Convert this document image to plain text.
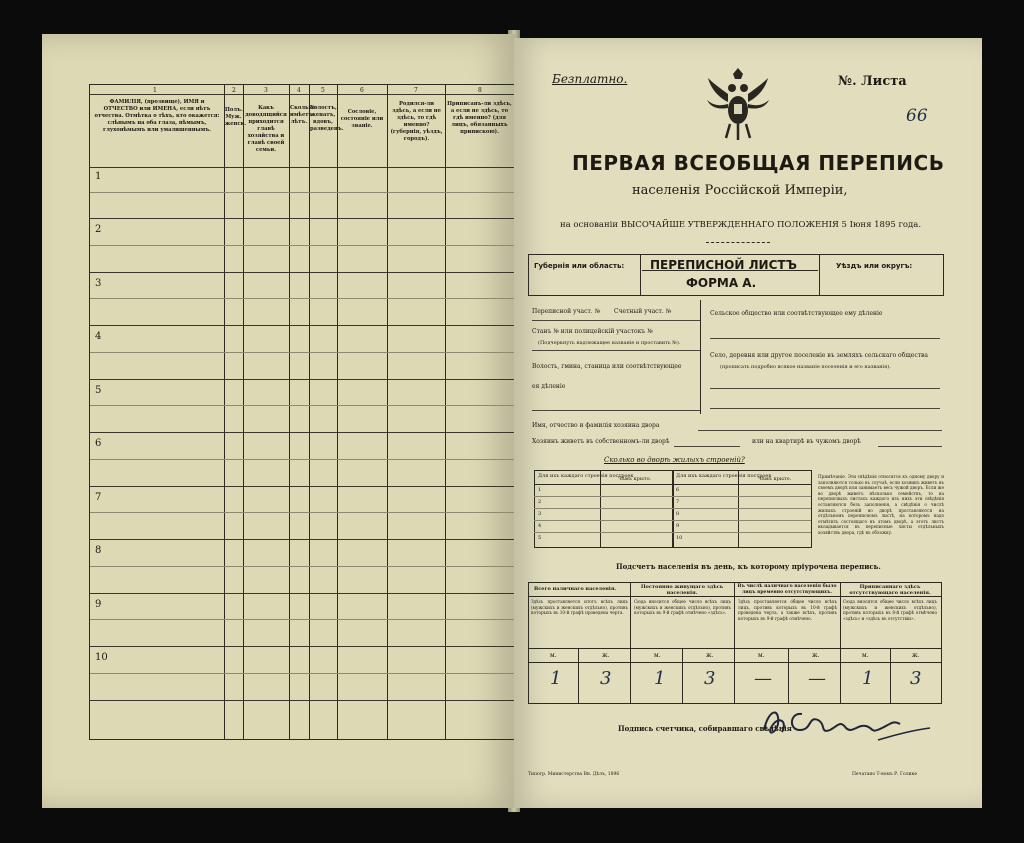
1	2	3	4	5	6	7	8
ФАМИЛІЯ, (прозвище), ИМЯ и ОТЧЕСТВО или ИМЕНА, если нѣтъ отчества. Отмѣтка о тѣхъ, кто окажется: слѣпымъ на оба глаза, нѣмымъ, глухонѣмымъ или умалишеннымъ.
Полъ. Муж. женск.
Какъ доводящийся приходится главѣ хозяйства и главѣ своей семьи.
Сколько имѣетъ лѣтъ.
Холостъ, женатъ, вдовъ, разведенъ.
Сословіе, состояніе или званіе.
Родился-ли здѣсь, а если не здѣсь, то гдѣ именно? (губернія, уѣздъ, городъ).
Приписанъ-ли здѣсь, а если не здѣсь, то гдѣ именно? (для лицъ, обязанныхъ припискою).
1
2
3
4
5
6
7
8
9
10
Безплатно.	№. Листа
66
ПЕРВАЯ ВСЕОБЩАЯ ПЕРЕПИСЬ
населенія Россійской Имперіи,
на основаніи ВЫСОЧАЙШЕ УТВЕРЖДЕННАГО ПОЛОЖЕНІЯ 5 Іюня 1895 года.
Губернія или область: ПЕРЕПИСНОЙ ЛИСТЪ
ФОРМА А.
Уѣздъ или округъ:
Переписной участ. № Счетный участ. №
Станъ № или полицейскій участокъ №
(Подчеркнуть надлежащее названіе и проставить №).
Волость, гмина, станица или соотвѣтствующее
ея дѣленіе
Сельское общество или соотвѣтствующее ему дѣленіе
Село, деревня или другое поселеніе въ земляхъ сельскаго общества
(прописать подробно всякое названіе поселенія и его названія).
Имя, отчество и фамилія хозяина двора
Хозяинъ живетъ въ собственномъ-ли дворѣ	или на квартирѣ въ чужомъ дворѣ
Сколько во дворѣ жилыхъ строеній?
Для ихъ каждаго строенія построек
Чѣмъ крыто.	Для ихъ каждаго строенія построек
Чѣмъ крыто.
1
2
3
4
5
6
7
8
9
10
Примѣчаніе. Эти свѣдѣнія относятся къ одному двору и заполняются только въ случаѣ, если хозяинъ живетъ въ своемъ дворѣ или занимаетъ весь чужой дворъ. Если же во дворѣ живетъ нѣсколько семействъ, то на переписныхъ листахъ каждого изъ нихъ эти свѣдѣнія оставляются безъ заполненія, а свѣдѣнія о числѣ жилыхъ строеній во дворѣ проставляются на отдѣльномъ переписномъ листѣ, на которомъ надо отмѣтить состоящаго въ этомъ дворѣ, а этотъ листъ вкладывается въ переписные листы отдѣльныхъ хозяйствъ двора, гдѣ въ обложку.
Подсчетъ населенія въ день, къ которому пріурочена перепись.
Всего наличнаго населенія.	Постоянно живущаго здѣсь населенія.
Въ числѣ наличнаго населенія было лицъ временно отсутствующихъ.
Приписаннаго здѣсь отсутствующаго населенія.
Здѣсь проставляется итогъ всѣхъ лицъ (мужскихъ и женскихъ отдѣльно), противъ которыхъ въ 10-й графѣ проведена черта.
Сюда вносится общее число всѣхъ лицъ (мужскихъ и женскихъ отдѣльно), противъ которыхъ въ 9-й графѣ отмѣчено «здѣсь».
Здѣсь проставляется общее число всѣхъ лицъ, противъ которыхъ въ 10-й графѣ проведена черта, а также всѣхъ, противъ которыхъ въ 9-й графѣ отмѣчено.
Сюда вносится общее число всѣхъ лицъ (мужскихъ и женскихъ отдѣльно), противъ которыхъ въ 8-й графѣ отмѣчено «здѣсь» и «здѣсь въ отсутствіи».
м.	ж.	м.	ж.	м.	ж.	м.	ж.
1 3 1 3 — — 1 3
Подпись счетчика, собиравшаго свѣдѣнія
Типогр. Министерства Вн. Дѣлъ, 1896	Печатано Т-вомъ Р. Голике
